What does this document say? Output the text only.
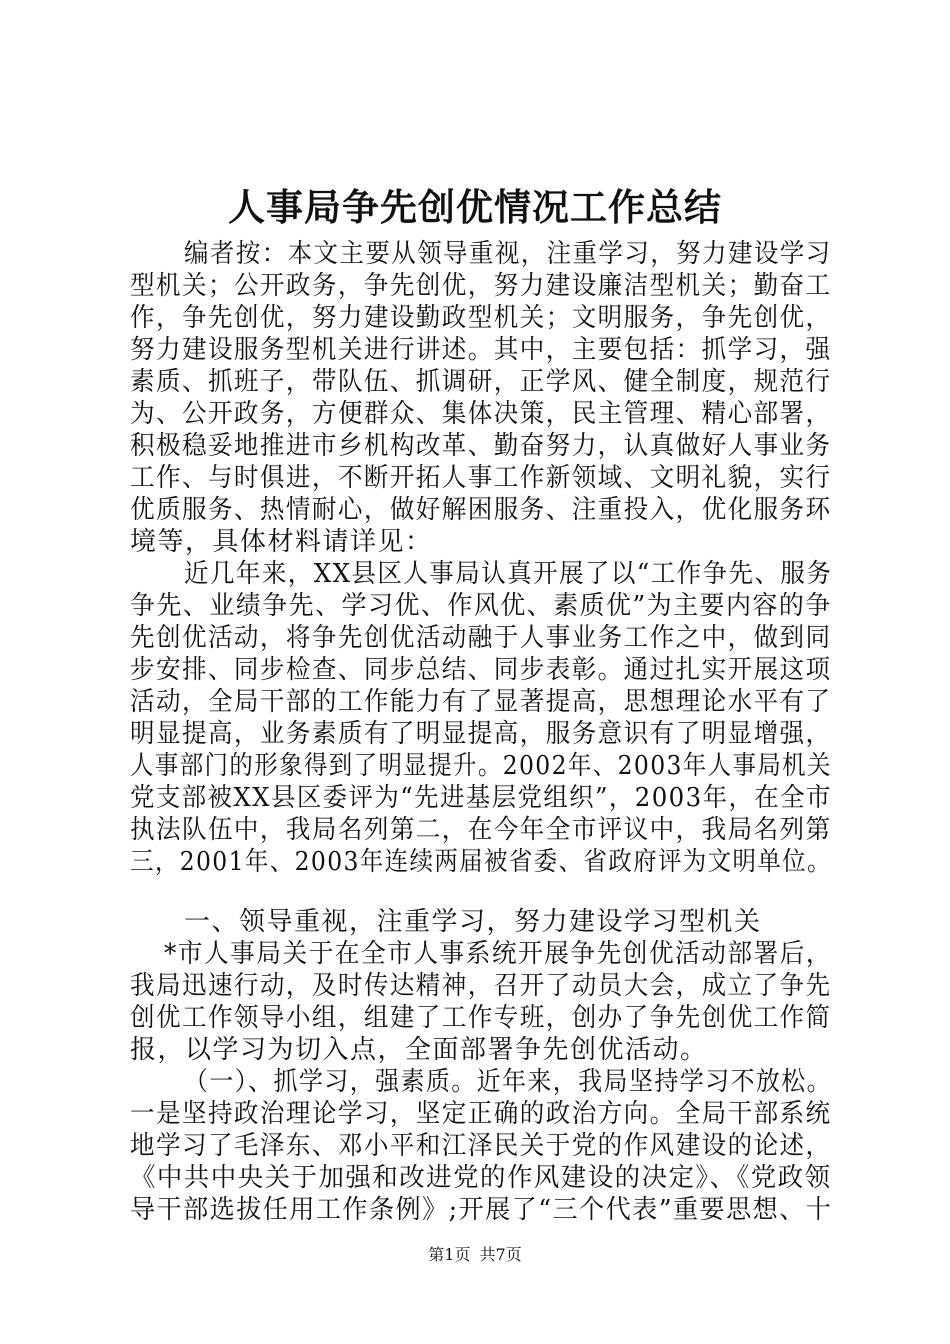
人事局争先创优情况工作总结
编者按：本文主要从领导重视，注重学习，努力建设学习
型机关；公开政务，争先创优，努力建设廉洁型机关；勤奋工
作，争先创优，努力建设勤政型机关；文明服务，争先创优，
努力建设服务型机关进行讲述。其中，主要包括：抓学习，强
素质、抓班子，带队伍、抓调研，正学风、健全制度，规范行
为、公开政务，方便群众、集体决策，民主管理、精心部署，
积极稳妥地推进市乡机构改革、勤奋努力，认真做好人事业务
工作、与时俱进，不断开拓人事工作新领域、文明礼貌，实行
优质服务、热情耐心，做好解困服务、注重投入，优化服务环
境等，具体材料请详见：
近几年来，XX县区人事局认真开展了以“工作争先、服务
争先、业绩争先、学习优、作风优、素质优”为主要内容的争
先创优活动，将争先创优活动融于人事业务工作之中，做到同
步安排、同步检查、同步总结、同步表彰。通过扎实开展这项
活动，全局干部的工作能力有了显著提高，思想理论水平有了
明显提高，业务素质有了明显提高，服务意识有了明显增强，
人事部门的形象得到了明显提升。2002年、2003年人事局机关
党支部被XX县区委评为“先进基层党组织”，2003年，在全市
执法队伍中，我局名列第二，在今年全市评议中，我局名列第
三，2001年、2003年连续两届被省委、省政府评为文明单位。
一、领导重视，注重学习，努力建设学习型机关
*市人事局关于在全市人事系统开展争先创优活动部署后，
我局迅速行动，及时传达精神，召开了动员大会，成立了争先
创优工作领导小组，组建了工作专班，创办了争先创优工作简
报，以学习为切入点，全面部署争先创优活动。
（一）、抓学习，强素质。近年来，我局坚持学习不放松。
一是坚持政治理论学习，坚定正确的政治方向。全局干部系统
地学习了毛泽东、邓小平和江泽民关于党的作风建设的论述，
《中共中央关于加强和改进党的作风建设的决定》、《党政领
导干部选拔任用工作条例》;开展了“三个代表”重要思想、十
第1页 共7页
